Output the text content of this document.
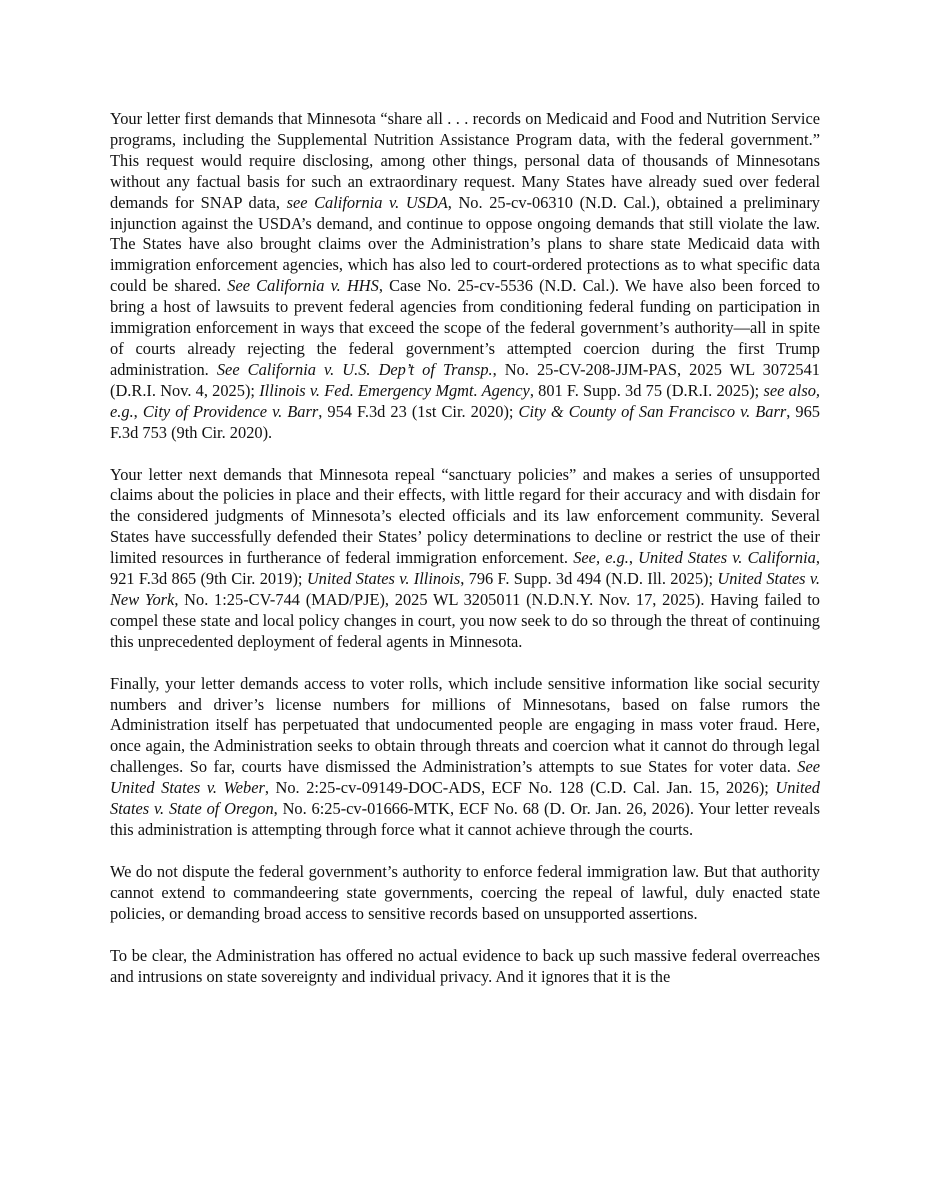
Your letter first demands that Minnesota “share all . . . records on Medicaid and Food and Nutrition Service programs, including the Supplemental Nutrition Assistance Program data, with the federal government.” This request would require disclosing, among other things, personal data of thousands of Minnesotans without any factual basis for such an extraordinary request. Many States have already sued over federal demands for SNAP data, see California v. USDA, No. 25-cv-06310 (N.D. Cal.), obtained a preliminary injunction against the USDA’s demand, and continue to oppose ongoing demands that still violate the law. The States have also brought claims over the Administration’s plans to share state Medicaid data with immigration enforcement agencies, which has also led to court-ordered protections as to what specific data could be shared. See California v. HHS, Case No. 25-cv-5536 (N.D. Cal.). We have also been forced to bring a host of lawsuits to prevent federal agencies from conditioning federal funding on participation in immigration enforcement in ways that exceed the scope of the federal government’s authority—all in spite of courts already rejecting the federal government’s attempted coercion during the first Trump administration. See California v. U.S. Dep’t of Transp., No. 25-CV-208-JJM-PAS, 2025 WL 3072541 (D.R.I. Nov. 4, 2025); Illinois v. Fed. Emergency Mgmt. Agency, 801 F. Supp. 3d 75 (D.R.I. 2025); see also, e.g., City of Providence v. Barr, 954 F.3d 23 (1st Cir. 2020); City & County of San Francisco v. Barr, 965 F.3d 753 (9th Cir. 2020).

Your letter next demands that Minnesota repeal “sanctuary policies” and makes a series of unsupported claims about the policies in place and their effects, with little regard for their accuracy and with disdain for the considered judgments of Minnesota’s elected officials and its law enforcement community. Several States have successfully defended their States’ policy determinations to decline or restrict the use of their limited resources in furtherance of federal immigration enforcement. See, e.g., United States v. California, 921 F.3d 865 (9th Cir. 2019); United States v. Illinois, 796 F. Supp. 3d 494 (N.D. Ill. 2025); United States v. New York, No. 1:25-CV-744 (MAD/PJE), 2025 WL 3205011 (N.D.N.Y. Nov. 17, 2025). Having failed to compel these state and local policy changes in court, you now seek to do so through the threat of continuing this unprecedented deployment of federal agents in Minnesota.

Finally, your letter demands access to voter rolls, which include sensitive information like social security numbers and driver’s license numbers for millions of Minnesotans, based on false rumors the Administration itself has perpetuated that undocumented people are engaging in mass voter fraud. Here, once again, the Administration seeks to obtain through threats and coercion what it cannot do through legal challenges. So far, courts have dismissed the Administration’s attempts to sue States for voter data. See United States v. Weber, No. 2:25-cv-09149-DOC-ADS, ECF No. 128 (C.D. Cal. Jan. 15, 2026); United States v. State of Oregon, No. 6:25-cv-01666-MTK, ECF No. 68 (D. Or. Jan. 26, 2026). Your letter reveals this administration is attempting through force what it cannot achieve through the courts.

We do not dispute the federal government’s authority to enforce federal immigration law. But that authority cannot extend to commandeering state governments, coercing the repeal of lawful, duly enacted state policies, or demanding broad access to sensitive records based on unsupported assertions.

To be clear, the Administration has offered no actual evidence to back up such massive federal overreaches and intrusions on state sovereignty and individual privacy. And it ignores that it is the
